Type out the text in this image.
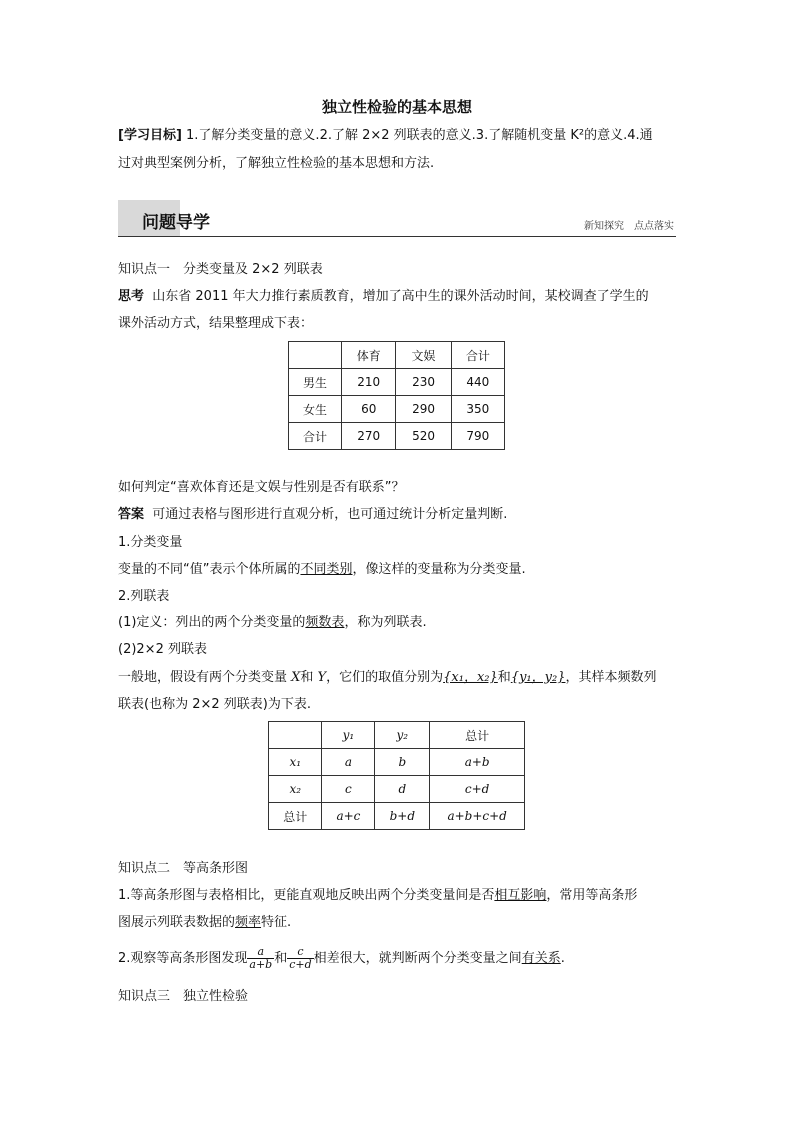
独立性检验的基本思想
[学习目标] 1.了解分类变量的意义.2.了解 2×2 列联表的意义.3.了解随机变量 K²的意义.4.通
过对典型案例分析，了解独立性检验的基本思想和方法.
问题导学	新知探究　点点落实
知识点一　分类变量及 2×2 列联表
思考 山东省 2011 年大力推行素质教育，增加了高中生的课外活动时间，某校调查了学生的
课外活动方式，结果整理成下表：
	体育	文娱	合计
男生	210	230	440
女生	60	290	350
合计	270	520	790
如何判定“喜欢体育还是文娱与性别是否有联系”？
答案 可通过表格与图形进行直观分析，也可通过统计分析定量判断.
1.分类变量
变量的不同“值”表示个体所属的不同类别，像这样的变量称为分类变量.
2.列联表
(1)定义：列出的两个分类变量的频数表，称为列联表.
(2)2×2 列联表
一般地，假设有两个分类变量 X和 Y，它们的取值分别为{x₁，x₂}和{y₁，y₂}，其样本频数列
联表(也称为 2×2 列联表)为下表.
	y₁	y₂	总计
x₁	a	b	a+b
x₂	c	d	c+d
总计	a+c	b+d	a+b+c+d
知识点二　等高条形图
1.等高条形图与表格相比，更能直观地反映出两个分类变量间是否相互影响，常用等高条形
图展示列联表数据的频率特征.
2.观察等高条形图发现 $\frac{a}{a+b}$ 和 $\frac{c}{c+d}$ 相差很大，就判断两个分类变量之间有关系.
知识点三　独立性检验
